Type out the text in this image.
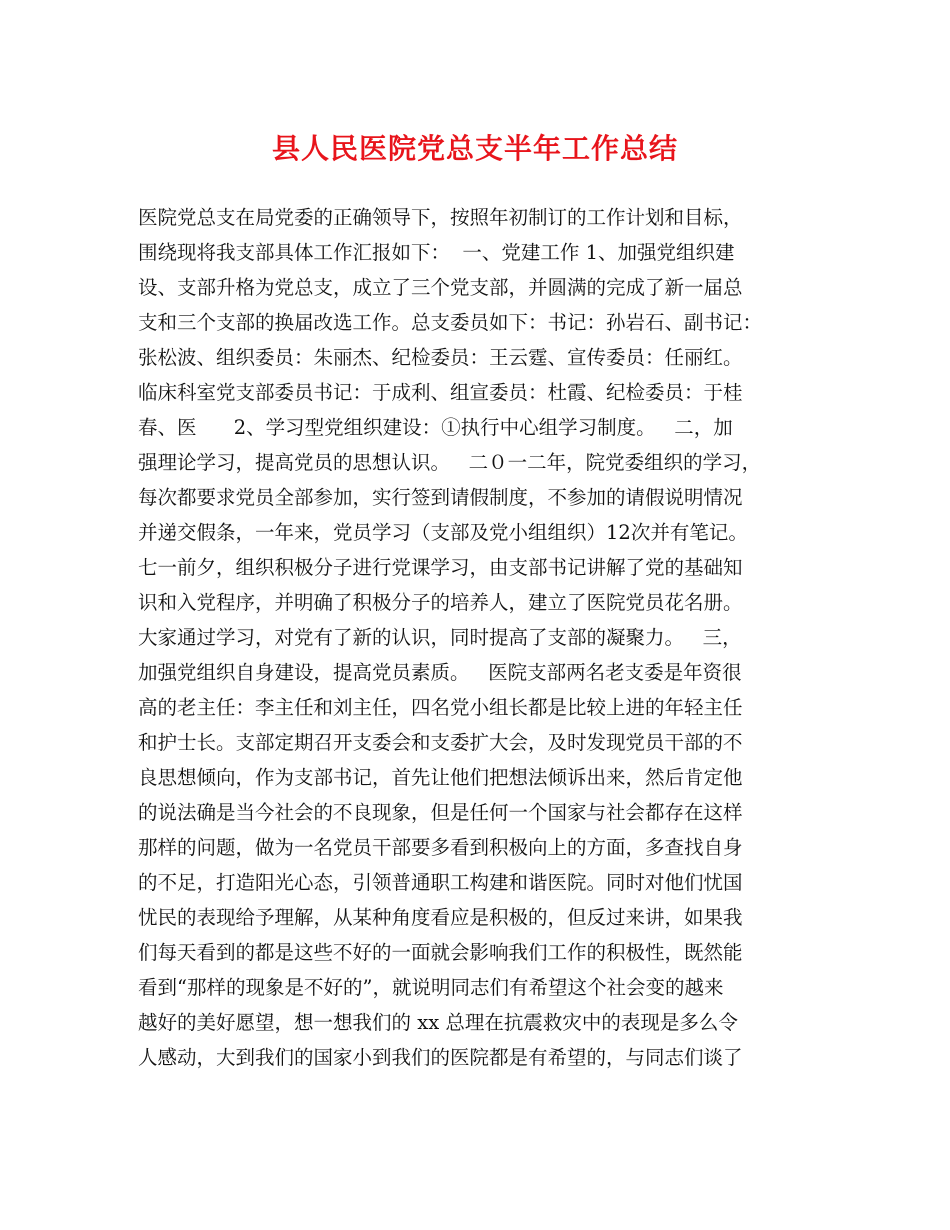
县人民医院党总支半年工作总结
医院党总支在局党委的正确领导下，按照年初制订的工作计划和目标，
围绕现将我支部具体工作汇报如下：  一、党建工作 1、加强党组织建
设、支部升格为党总支，成立了三个党支部，并圆满的完成了新一届总
支和三个支部的换届改选工作。总支委员如下：书记：孙岩石、副书记：
张松波、组织委员：朱丽杰、纪检委员：王云霆、宣传委员：任丽红。
临床科室党支部委员书记：于成利、组宣委员：杜霞、纪检委员：于桂
春、医      2、学习型党组织建设：①执行中心组学习制度。   二，加
强理论学习，提高党员的思想认识。   二０一二年，院党委组织的学习，
每次都要求党员全部参加，实行签到请假制度，不参加的请假说明情况
并递交假条，一年来，党员学习（支部及党小组组织）12次并有笔记。
七一前夕，组织积极分子进行党课学习，由支部书记讲解了党的基础知
识和入党程序，并明确了积极分子的培养人，建立了医院党员花名册。
大家通过学习，对党有了新的认识，同时提高了支部的凝聚力。   三，
加强党组织自身建设，提高党员素质。   医院支部两名老支委是年资很
高的老主任：李主任和刘主任，四名党小组长都是比较上进的年轻主任
和护士长。支部定期召开支委会和支委扩大会，及时发现党员干部的不
良思想倾向，作为支部书记，首先让他们把想法倾诉出来，然后肯定他
的说法确是当今社会的不良现象，但是任何一个国家与社会都存在这样
那样的问题，做为一名党员干部要多看到积极向上的方面，多查找自身
的不足，打造阳光心态，引领普通职工构建和谐医院。同时对他们忧国
忧民的表现给予理解，从某种角度看应是积极的，但反过来讲，如果我
们每天看到的都是这些不好的一面就会影响我们工作的积极性，既然能
看到“那样的现象是不好的”，就说明同志们有希望这个社会变的越来
越好的美好愿望，想一想我们的 xx 总理在抗震救灾中的表现是多么令
人感动，大到我们的国家小到我们的医院都是有希望的，与同志们谈了
